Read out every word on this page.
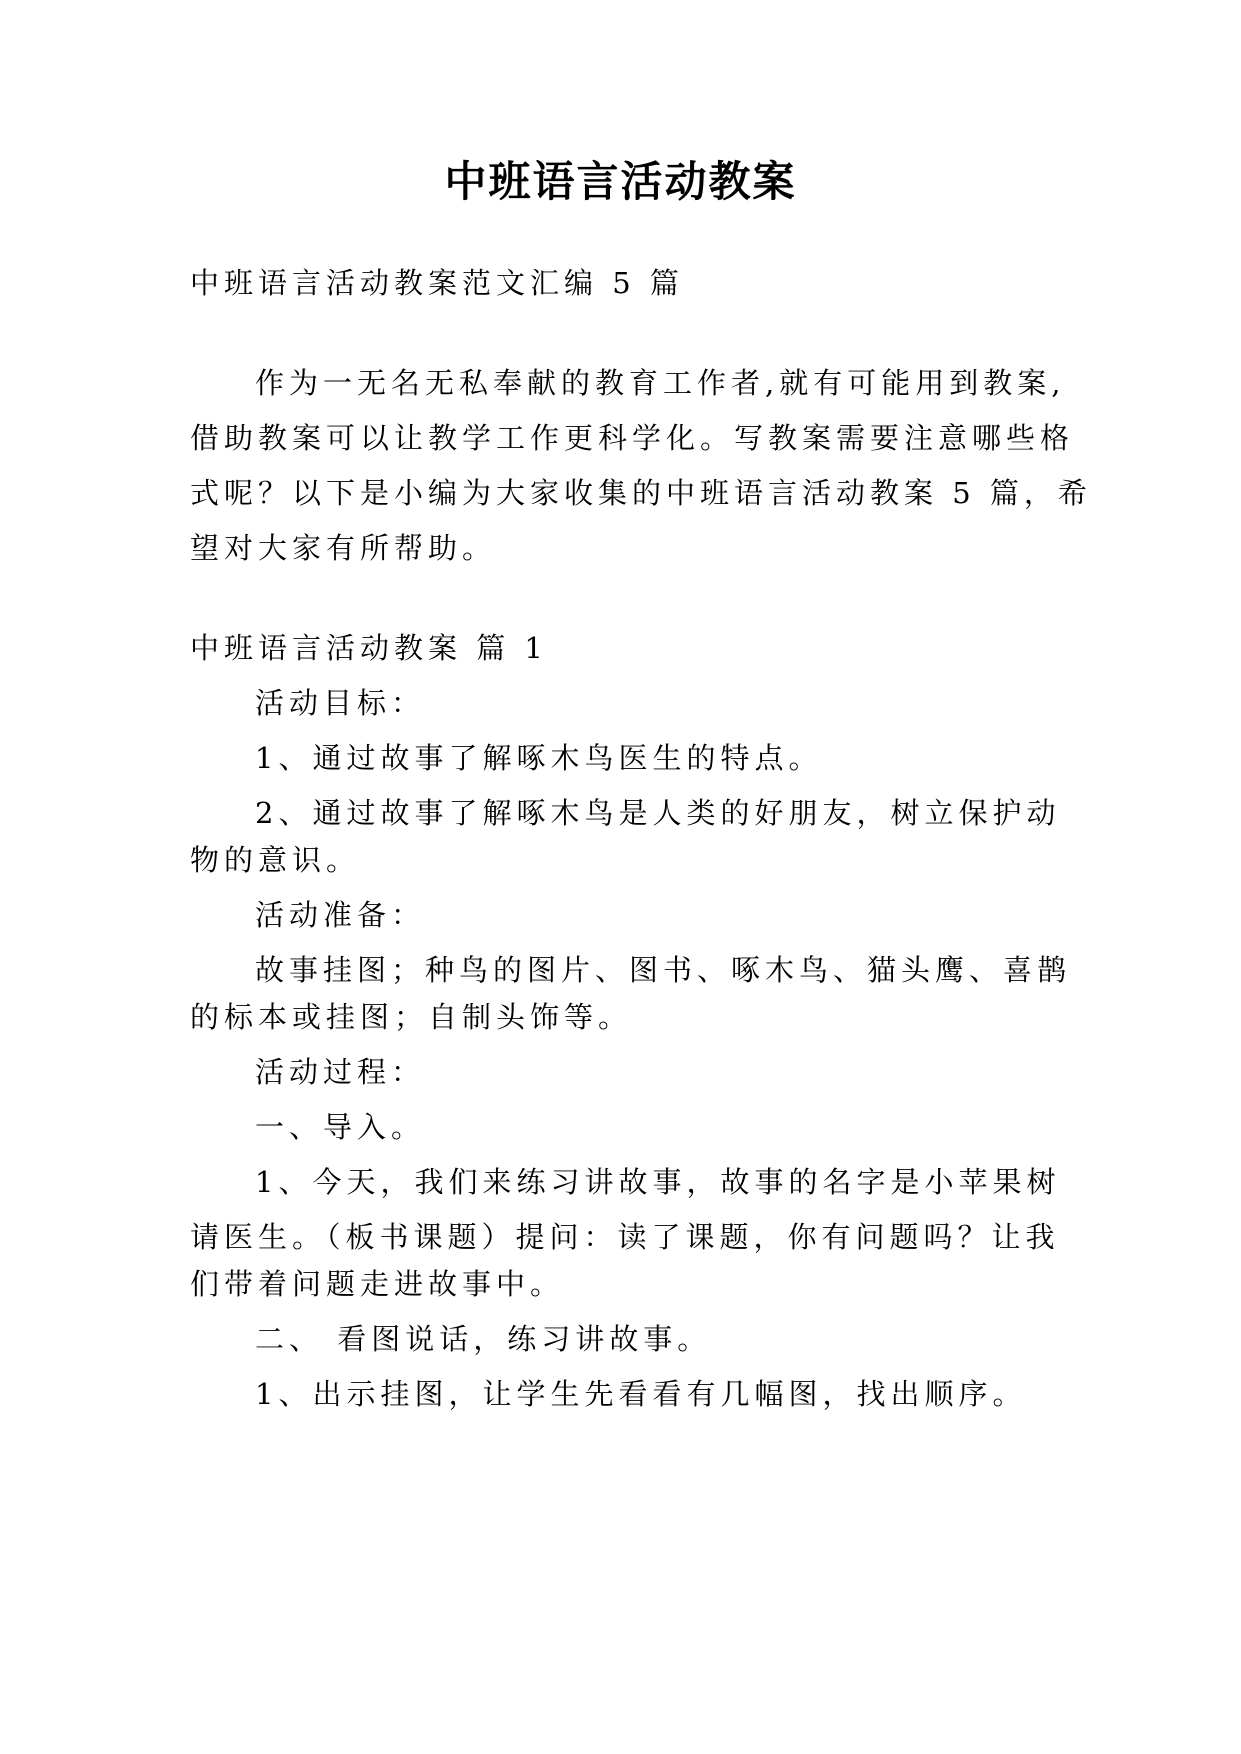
中班语言活动教案
中班语言活动教案范文汇编 5 篇
作为一无名无私奉献的教育工作者,就有可能用到教案,
借助教案可以让教学工作更科学化。写教案需要注意哪些格
式呢？以下是小编为大家收集的中班语言活动教案 5 篇，希
望对大家有所帮助。
中班语言活动教案 篇 1
活动目标：
1、通过故事了解啄木鸟医生的特点。
2、通过故事了解啄木鸟是人类的好朋友，树立保护动
物的意识。
活动准备：
故事挂图；种鸟的图片、图书、啄木鸟、猫头鹰、喜鹊
的标本或挂图；自制头饰等。
活动过程：
一、导入。
1、今天，我们来练习讲故事，故事的名字是小苹果树
请医生。（板书课题）提问：读了课题，你有问题吗？让我
们带着问题走进故事中。
二、 看图说话，练习讲故事。
1、出示挂图，让学生先看看有几幅图，找出顺序。
